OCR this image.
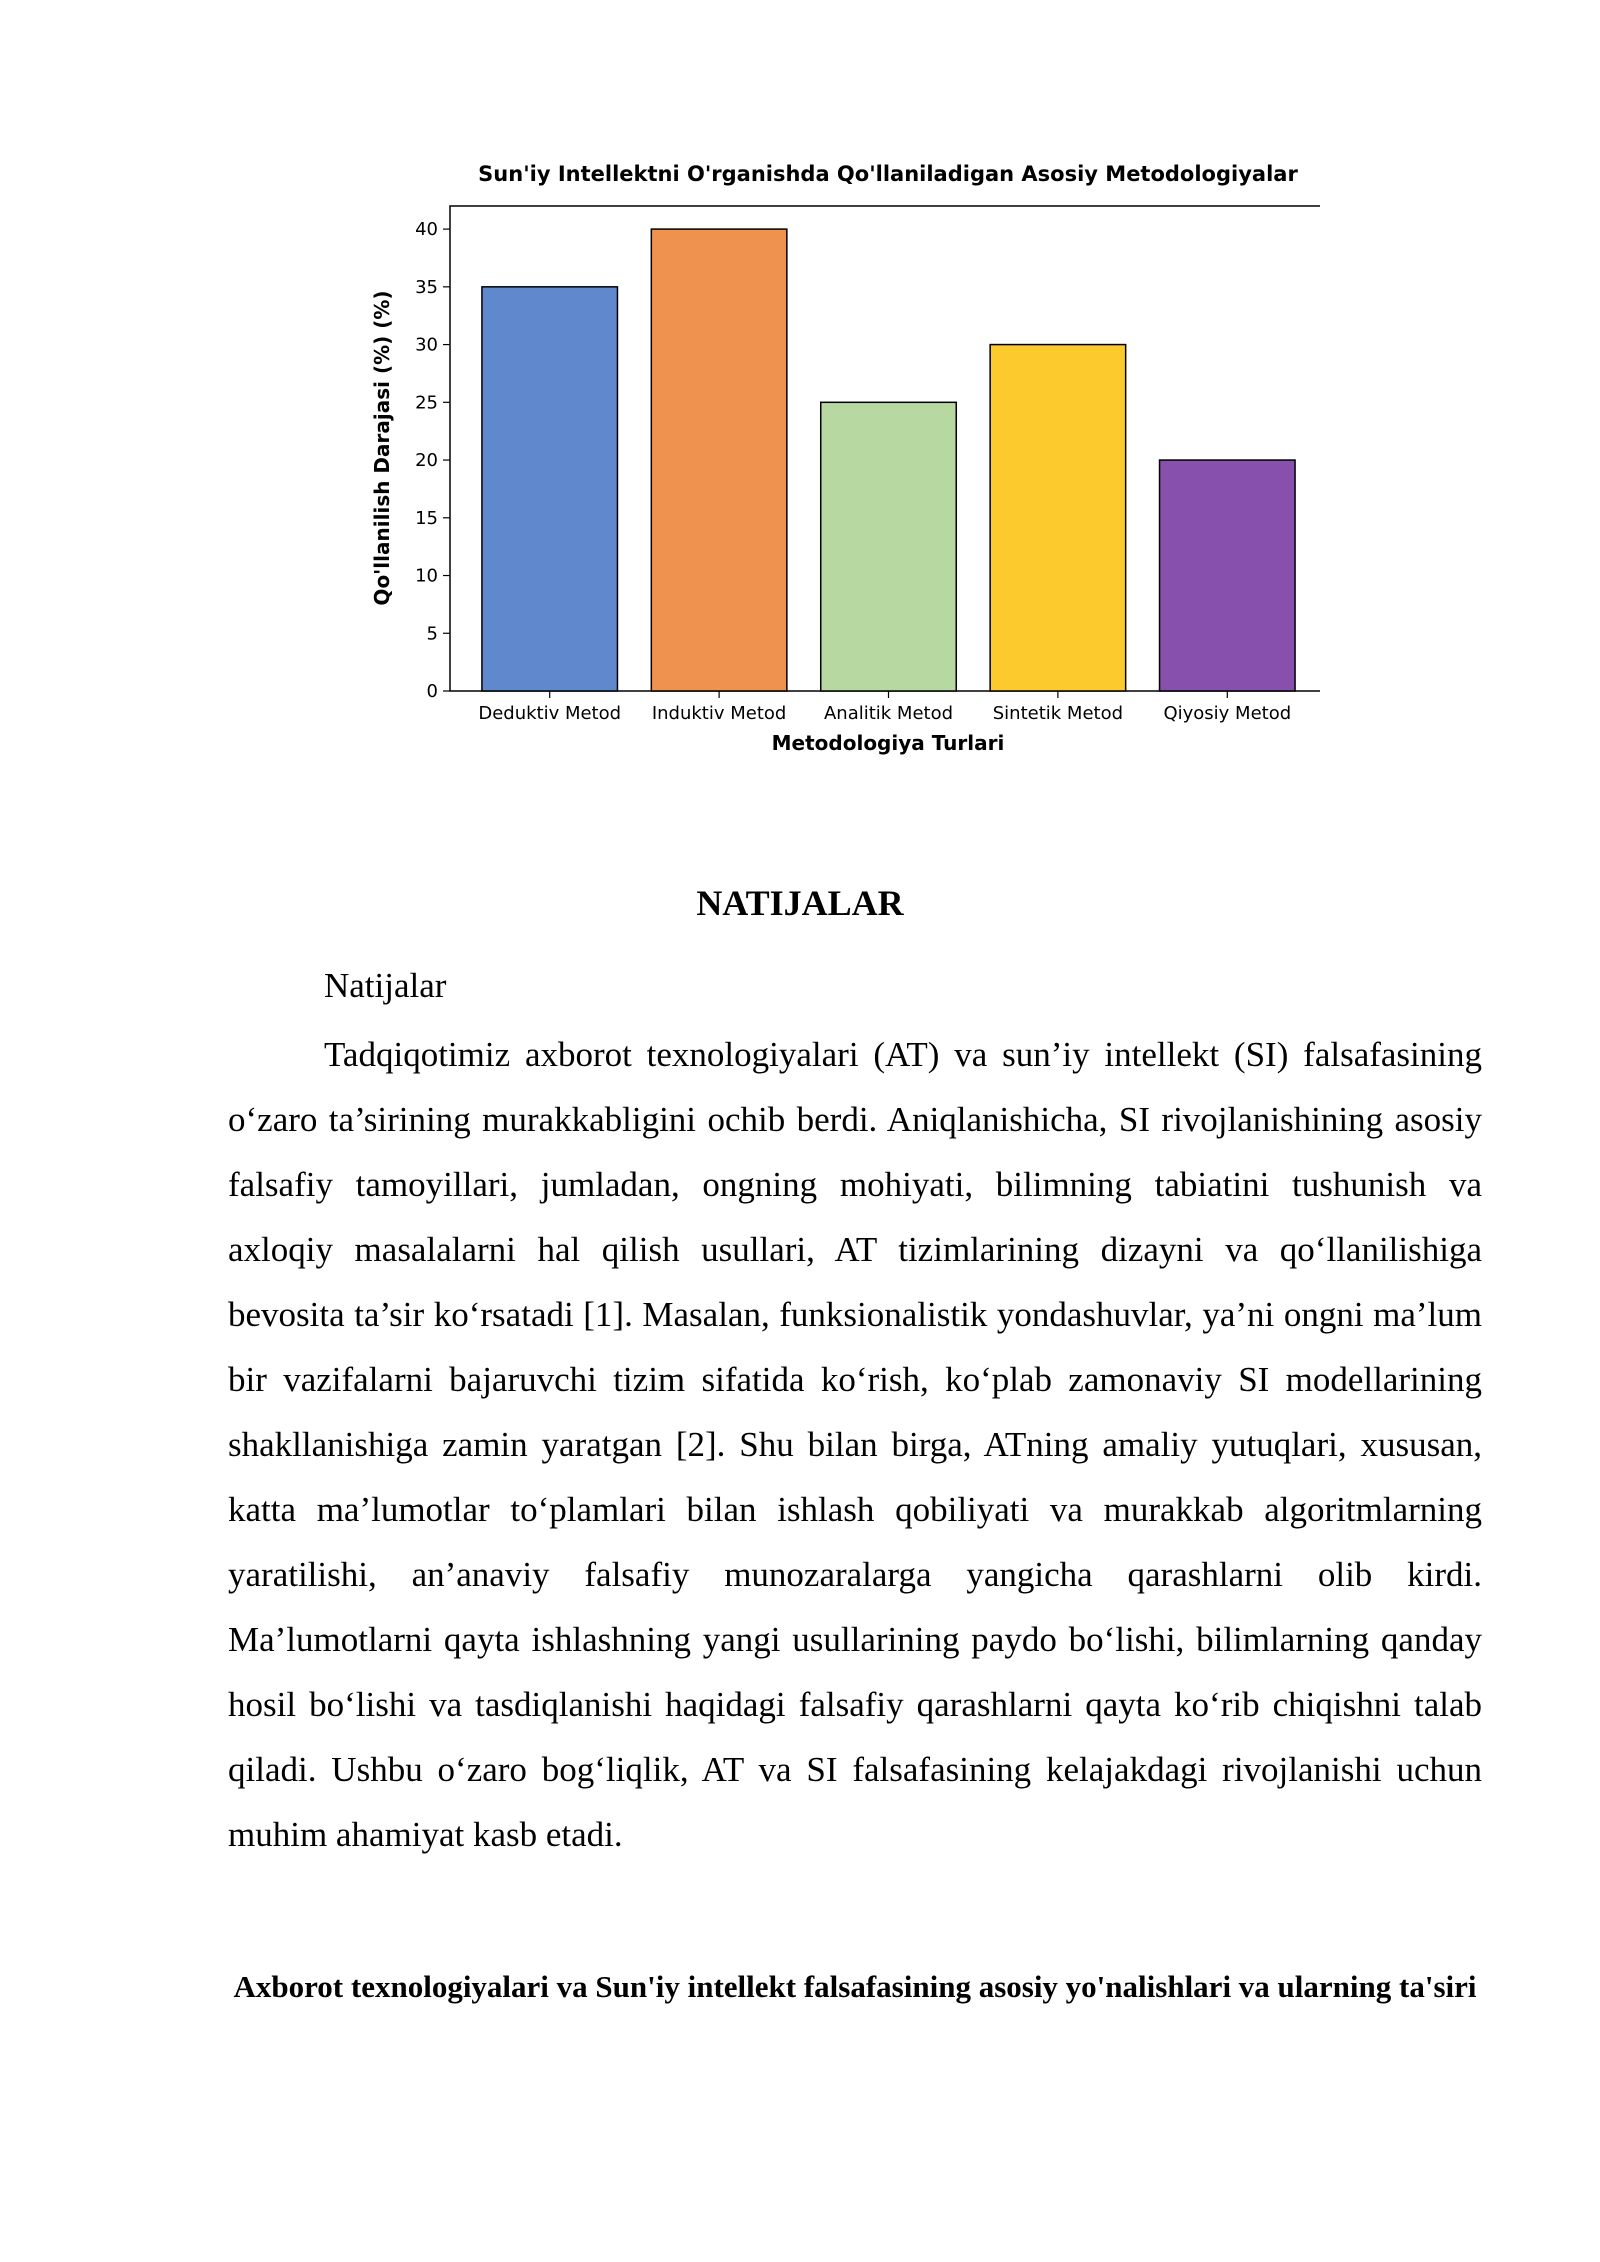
Sun'iy Intellektni O'rganishda Qo'llaniladigan Asosiy Metodologiyalar
0
5
10
15
20
25
30
35
40
Deduktiv Metod Induktiv Metod Analitik Metod Sintetik Metod Qiyosiy Metod
Metodologiya Turlari
Qo'llanilish Darajasi (%) (%)
NATIJALAR
Natijalar

Tadqiqotimiz axborot texnologiyalari (AT) va sun’iy intellekt (SI) falsafasining o‘zaro ta’sirining murakkabligini ochib berdi. Aniqlanishicha, SI rivojlanishining asosiy falsafiy tamoyillari, jumladan, ongning mohiyati, bilimning tabiatini tushunish va axloqiy masalalarni hal qilish usullari, AT tizimlarining dizayni va qo‘llanilishiga bevosita ta’sir ko‘rsatadi [1]. Masalan, funksionalistik yondashuvlar, ya’ni ongni ma’lum bir vazifalarni bajaruvchi tizim sifatida ko‘rish, ko‘plab zamonaviy SI modellarining shakllanishiga zamin yaratgan [2]. Shu bilan birga, ATning amaliy yutuqlari, xususan, katta ma’lumotlar to‘plamlari bilan ishlash qobiliyati va murakkab algoritmlarning yaratilishi, an’anaviy falsafiy munozaralarga yangicha qarashlarni olib kirdi. Ma’lumotlarni qayta ishlashning yangi usullarining paydo bo‘lishi, bilimlarning qanday hosil bo‘lishi va tasdiqlanishi haqidagi falsafiy qarashlarni qayta ko‘rib chiqishni talab qiladi. Ushbu o‘zaro bog‘liqlik, AT va SI falsafasining kelajakdagi rivojlanishi uchun muhim ahamiyat kasb etadi.

Axborot texnologiyalari va Sun'iy intellekt falsafasining asosiy yo'nalishlari va ularning ta'siri
